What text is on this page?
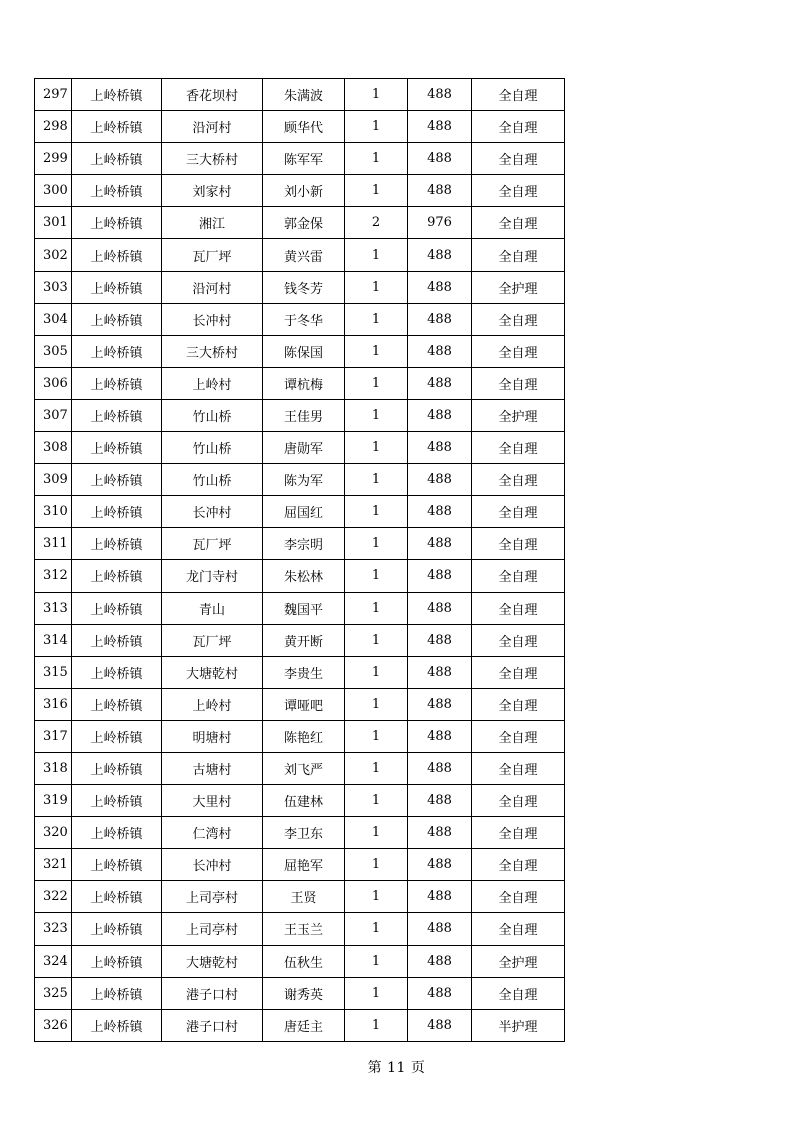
297	上岭桥镇	香花坝村	朱满波	1	488	全自理
298	上岭桥镇	沿河村	顾华代	1	488	全自理
299	上岭桥镇	三大桥村	陈军军	1	488	全自理
300	上岭桥镇	刘家村	刘小新	1	488	全自理
301	上岭桥镇	湘江	郭金保	2	976	全自理
302	上岭桥镇	瓦厂坪	黄兴雷	1	488	全自理
303	上岭桥镇	沿河村	钱冬芳	1	488	全护理
304	上岭桥镇	长冲村	于冬华	1	488	全自理
305	上岭桥镇	三大桥村	陈保国	1	488	全自理
306	上岭桥镇	上岭村	谭杭梅	1	488	全自理
307	上岭桥镇	竹山桥	王佳男	1	488	全护理
308	上岭桥镇	竹山桥	唐勋军	1	488	全自理
309	上岭桥镇	竹山桥	陈为军	1	488	全自理
310	上岭桥镇	长冲村	屈国红	1	488	全自理
311	上岭桥镇	瓦厂坪	李宗明	1	488	全自理
312	上岭桥镇	龙门寺村	朱松林	1	488	全自理
313	上岭桥镇	青山	魏国平	1	488	全自理
314	上岭桥镇	瓦厂坪	黄开断	1	488	全自理
315	上岭桥镇	大塘乾村	李贵生	1	488	全自理
316	上岭桥镇	上岭村	谭哑吧	1	488	全自理
317	上岭桥镇	明塘村	陈艳红	1	488	全自理
318	上岭桥镇	古塘村	刘飞严	1	488	全自理
319	上岭桥镇	大里村	伍建林	1	488	全自理
320	上岭桥镇	仁湾村	李卫东	1	488	全自理
321	上岭桥镇	长冲村	屈艳军	1	488	全自理
322	上岭桥镇	上司亭村	王贤	1	488	全自理
323	上岭桥镇	上司亭村	王玉兰	1	488	全自理
324	上岭桥镇	大塘乾村	伍秋生	1	488	全护理
325	上岭桥镇	港子口村	谢秀英	1	488	全自理
326	上岭桥镇	港子口村	唐廷主	1	488	半护理
第 11 页
